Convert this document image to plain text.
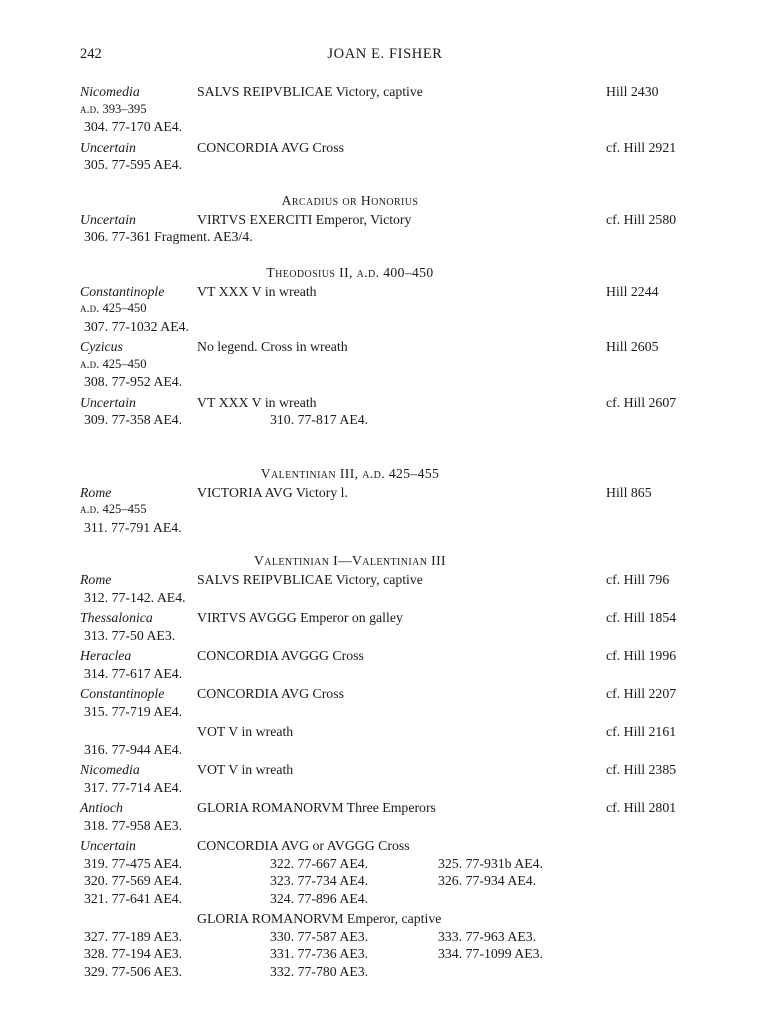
242	JOAN E. FISHER
Nicomedia	SALVS REIPVBLICAE Victory, captive	Hill 2430
a.d. 393–395
304. 77-170 AE4.
Uncertain	CONCORDIA AVG Cross	cf. Hill 2921
305. 77-595 AE4.
Arcadius or Honorius
Uncertain	VIRTVS EXERCITI Emperor, Victory	cf. Hill 2580
306. 77-361 Fragment. AE3/4.
Theodosius II, a.d. 400–450
Constantinople VT XXX V in wreath	Hill 2244
a.d. 425–450
307. 77-1032 AE4.
Cyzicus	No legend. Cross in wreath	Hill 2605
a.d. 425–450
308. 77-952 AE4.
Uncertain	VT XXX V in wreath	cf. Hill 2607
309. 77-358 AE4.	310. 77-817 AE4.
Valentinian III, a.d. 425–455
Rome	VICTORIA AVG Victory l.	Hill 865
a.d. 425–455
311. 77-791 AE4.
Valentinian I—Valentinian III
Rome	SALVS REIPVBLICAE Victory, captive	cf. Hill 796
312. 77-142. AE4.
Thessalonica	VIRTVS AVGGG Emperor on galley	cf. Hill 1854
313. 77-50 AE3.
Heraclea	CONCORDIA AVGGG Cross	cf. Hill 1996
314. 77-617 AE4.
Constantinople CONCORDIA AVG Cross	cf. Hill 2207
315. 77-719 AE4.
VOT V in wreath	cf. Hill 2161
316. 77-944 AE4.
Nicomedia	VOT V in wreath	cf. Hill 2385
317. 77-714 AE4.
Antioch	GLORIA ROMANORVM Three Emperors	cf. Hill 2801
318. 77-958 AE3.
Uncertain	CONCORDIA AVG or AVGGG Cross
319. 77-475 AE4.	322. 77-667 AE4.	325. 77-931b AE4.
320. 77-569 AE4.	323. 77-734 AE4.	326. 77-934 AE4.
321. 77-641 AE4.	324. 77-896 AE4.
GLORIA ROMANORVM Emperor, captive
327. 77-189 AE3.	330. 77-587 AE3.	333. 77-963 AE3.
328. 77-194 AE3.	331. 77-736 AE3.	334. 77-1099 AE3.
329. 77-506 AE3.	332. 77-780 AE3.
